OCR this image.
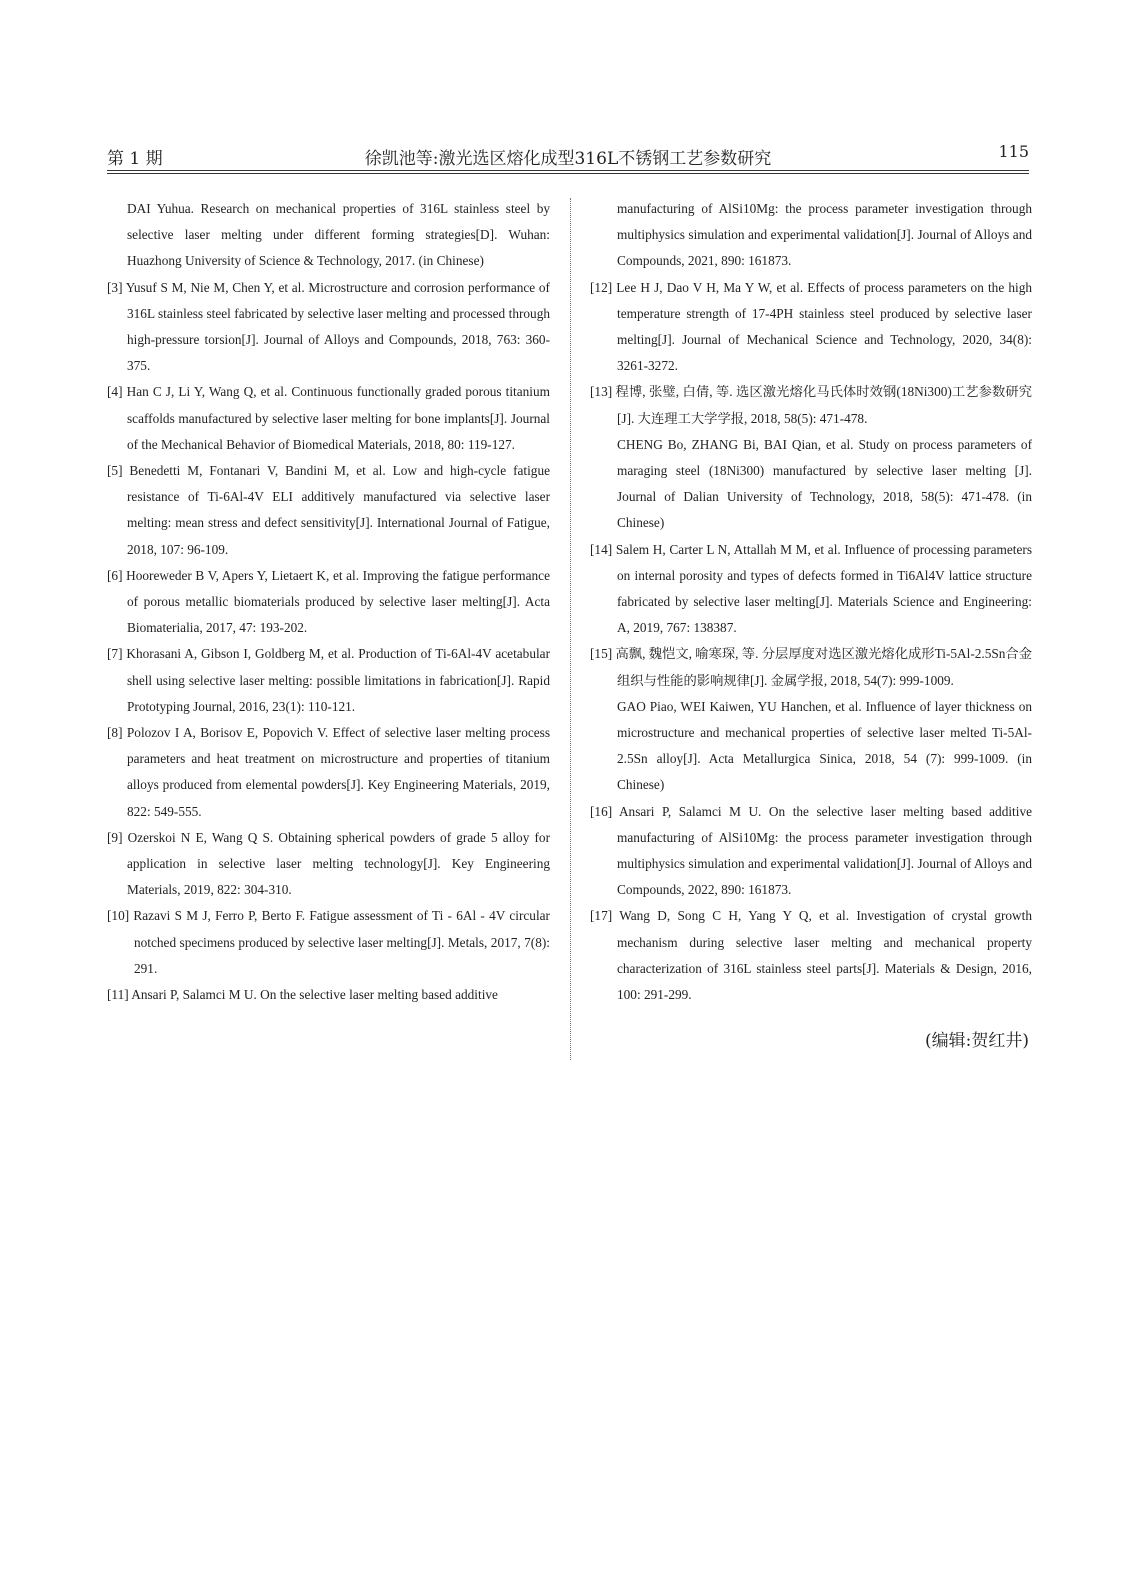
第 1 期	徐凯池等:激光选区熔化成型316L不锈钢工艺参数研究	115

DAI Yuhua. Research on mechanical properties of 316L stainless steel by selective laser melting under different forming strategies[D]. Wuhan: Huazhong University of Science & Technology, 2017. (in Chinese)

[3] Yusuf S M, Nie M, Chen Y, et al. Microstructure and corrosion performance of 316L stainless steel fabricated by selective laser melting and processed through high-pressure torsion[J]. Journal of Alloys and Compounds, 2018, 763: 360-375.

[4] Han C J, Li Y, Wang Q, et al. Continuous functionally graded porous titanium scaffolds manufactured by selective laser melting for bone implants[J]. Journal of the Mechanical Behavior of Biomedical Materials, 2018, 80: 119-127.

[5] Benedetti M, Fontanari V, Bandini M, et al. Low and high-cycle fatigue resistance of Ti-6Al-4V ELI additively manufactured via selective laser melting: mean stress and defect sensitivity[J]. International Journal of Fatigue, 2018, 107: 96-109.

[6] Hooreweder B V, Apers Y, Lietaert K, et al. Improving the fatigue performance of porous metallic biomaterials produced by selective laser melting[J]. Acta Biomaterialia, 2017, 47: 193-202.

[7] Khorasani A, Gibson I, Goldberg M, et al. Production of Ti-6Al-4V acetabular shell using selective laser melting: possible limitations in fabrication[J]. Rapid Prototyping Journal, 2016, 23(1): 110-121.

[8] Polozov I A, Borisov E, Popovich V. Effect of selective laser melting process parameters and heat treatment on microstructure and properties of titanium alloys produced from elemental powders[J]. Key Engineering Materials, 2019, 822: 549-555.

[9] Ozerskoi N E, Wang Q S. Obtaining spherical powders of grade 5 alloy for application in selective laser melting technology[J]. Key Engineering Materials, 2019, 822: 304-310.

[10] Razavi S M J, Ferro P, Berto F. Fatigue assessment of Ti - 6Al - 4V circular notched specimens produced by selective laser melting[J]. Metals, 2017, 7(8): 291.

[11] Ansari P, Salamci M U. On the selective laser melting based additive

manufacturing of AlSi10Mg: the process parameter investigation through multiphysics simulation and experimental validation[J]. Journal of Alloys and Compounds, 2021, 890: 161873.

[12] Lee H J, Dao V H, Ma Y W, et al. Effects of process parameters on the high temperature strength of 17-4PH stainless steel produced by selective laser melting[J]. Journal of Mechanical Science and Technology, 2020, 34(8): 3261-3272.

[13] 程博, 张璧, 白倩, 等. 选区激光熔化马氏体时效钢(18Ni300)工艺参数研究[J]. 大连理工大学学报, 2018, 58(5): 471-478.

CHENG Bo, ZHANG Bi, BAI Qian, et al. Study on process parameters of maraging steel (18Ni300) manufactured by selective laser melting [J]. Journal of Dalian University of Technology, 2018, 58(5): 471-478. (in Chinese)

[14] Salem H, Carter L N, Attallah M M, et al. Influence of processing parameters on internal porosity and types of defects formed in Ti6Al4V lattice structure fabricated by selective laser melting[J]. Materials Science and Engineering: A, 2019, 767: 138387.

[15] 高飘, 魏恺文, 喻寒琛, 等. 分层厚度对选区激光熔化成形Ti-5Al-2.5Sn合金组织与性能的影响规律[J]. 金属学报, 2018, 54(7): 999-1009.

GAO Piao, WEI Kaiwen, YU Hanchen, et al. Influence of layer thickness on microstructure and mechanical properties of selective laser melted Ti-5Al-2.5Sn alloy[J]. Acta Metallurgica Sinica, 2018, 54 (7): 999-1009. (in Chinese)

[16] Ansari P, Salamci M U. On the selective laser melting based additive manufacturing of AlSi10Mg: the process parameter investigation through multiphysics simulation and experimental validation[J]. Journal of Alloys and Compounds, 2022, 890: 161873.

[17] Wang D, Song C H, Yang Y Q, et al. Investigation of crystal growth mechanism during selective laser melting and mechanical property characterization of 316L stainless steel parts[J]. Materials & Design, 2016, 100: 291-299.

(编辑:贺红井)
